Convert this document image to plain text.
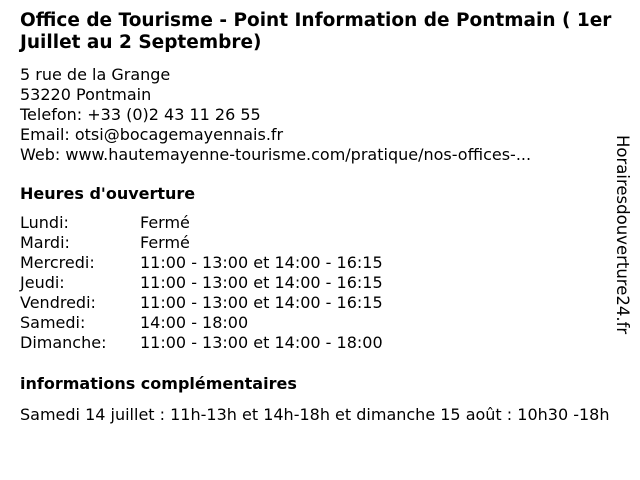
Office de Tourisme - Point Information de Pontmain ( 1er Juillet au 2 Septembre)
5 rue de la Grange
53220 Pontmain
Telefon: +33 (0)2 43 11 26 55
Email: otsi@bocagemayennais.fr
Web: www.hautemayenne-tourisme.com/pratique/nos-offices-...
Heures d'ouverture
Lundi:	Fermé
Mardi:	Fermé
Mercredi:	11:00 - 13:00 et 14:00 - 16:15
Jeudi:	11:00 - 13:00 et 14:00 - 16:15
Vendredi:	11:00 - 13:00 et 14:00 - 16:15
Samedi:	14:00 - 18:00
Dimanche:	11:00 - 13:00 et 14:00 - 18:00
informations complémentaires
Samedi 14 juillet : 11h-13h et 14h-18h et dimanche 15 août : 10h30 -18h
Horairesdouverture24.fr
